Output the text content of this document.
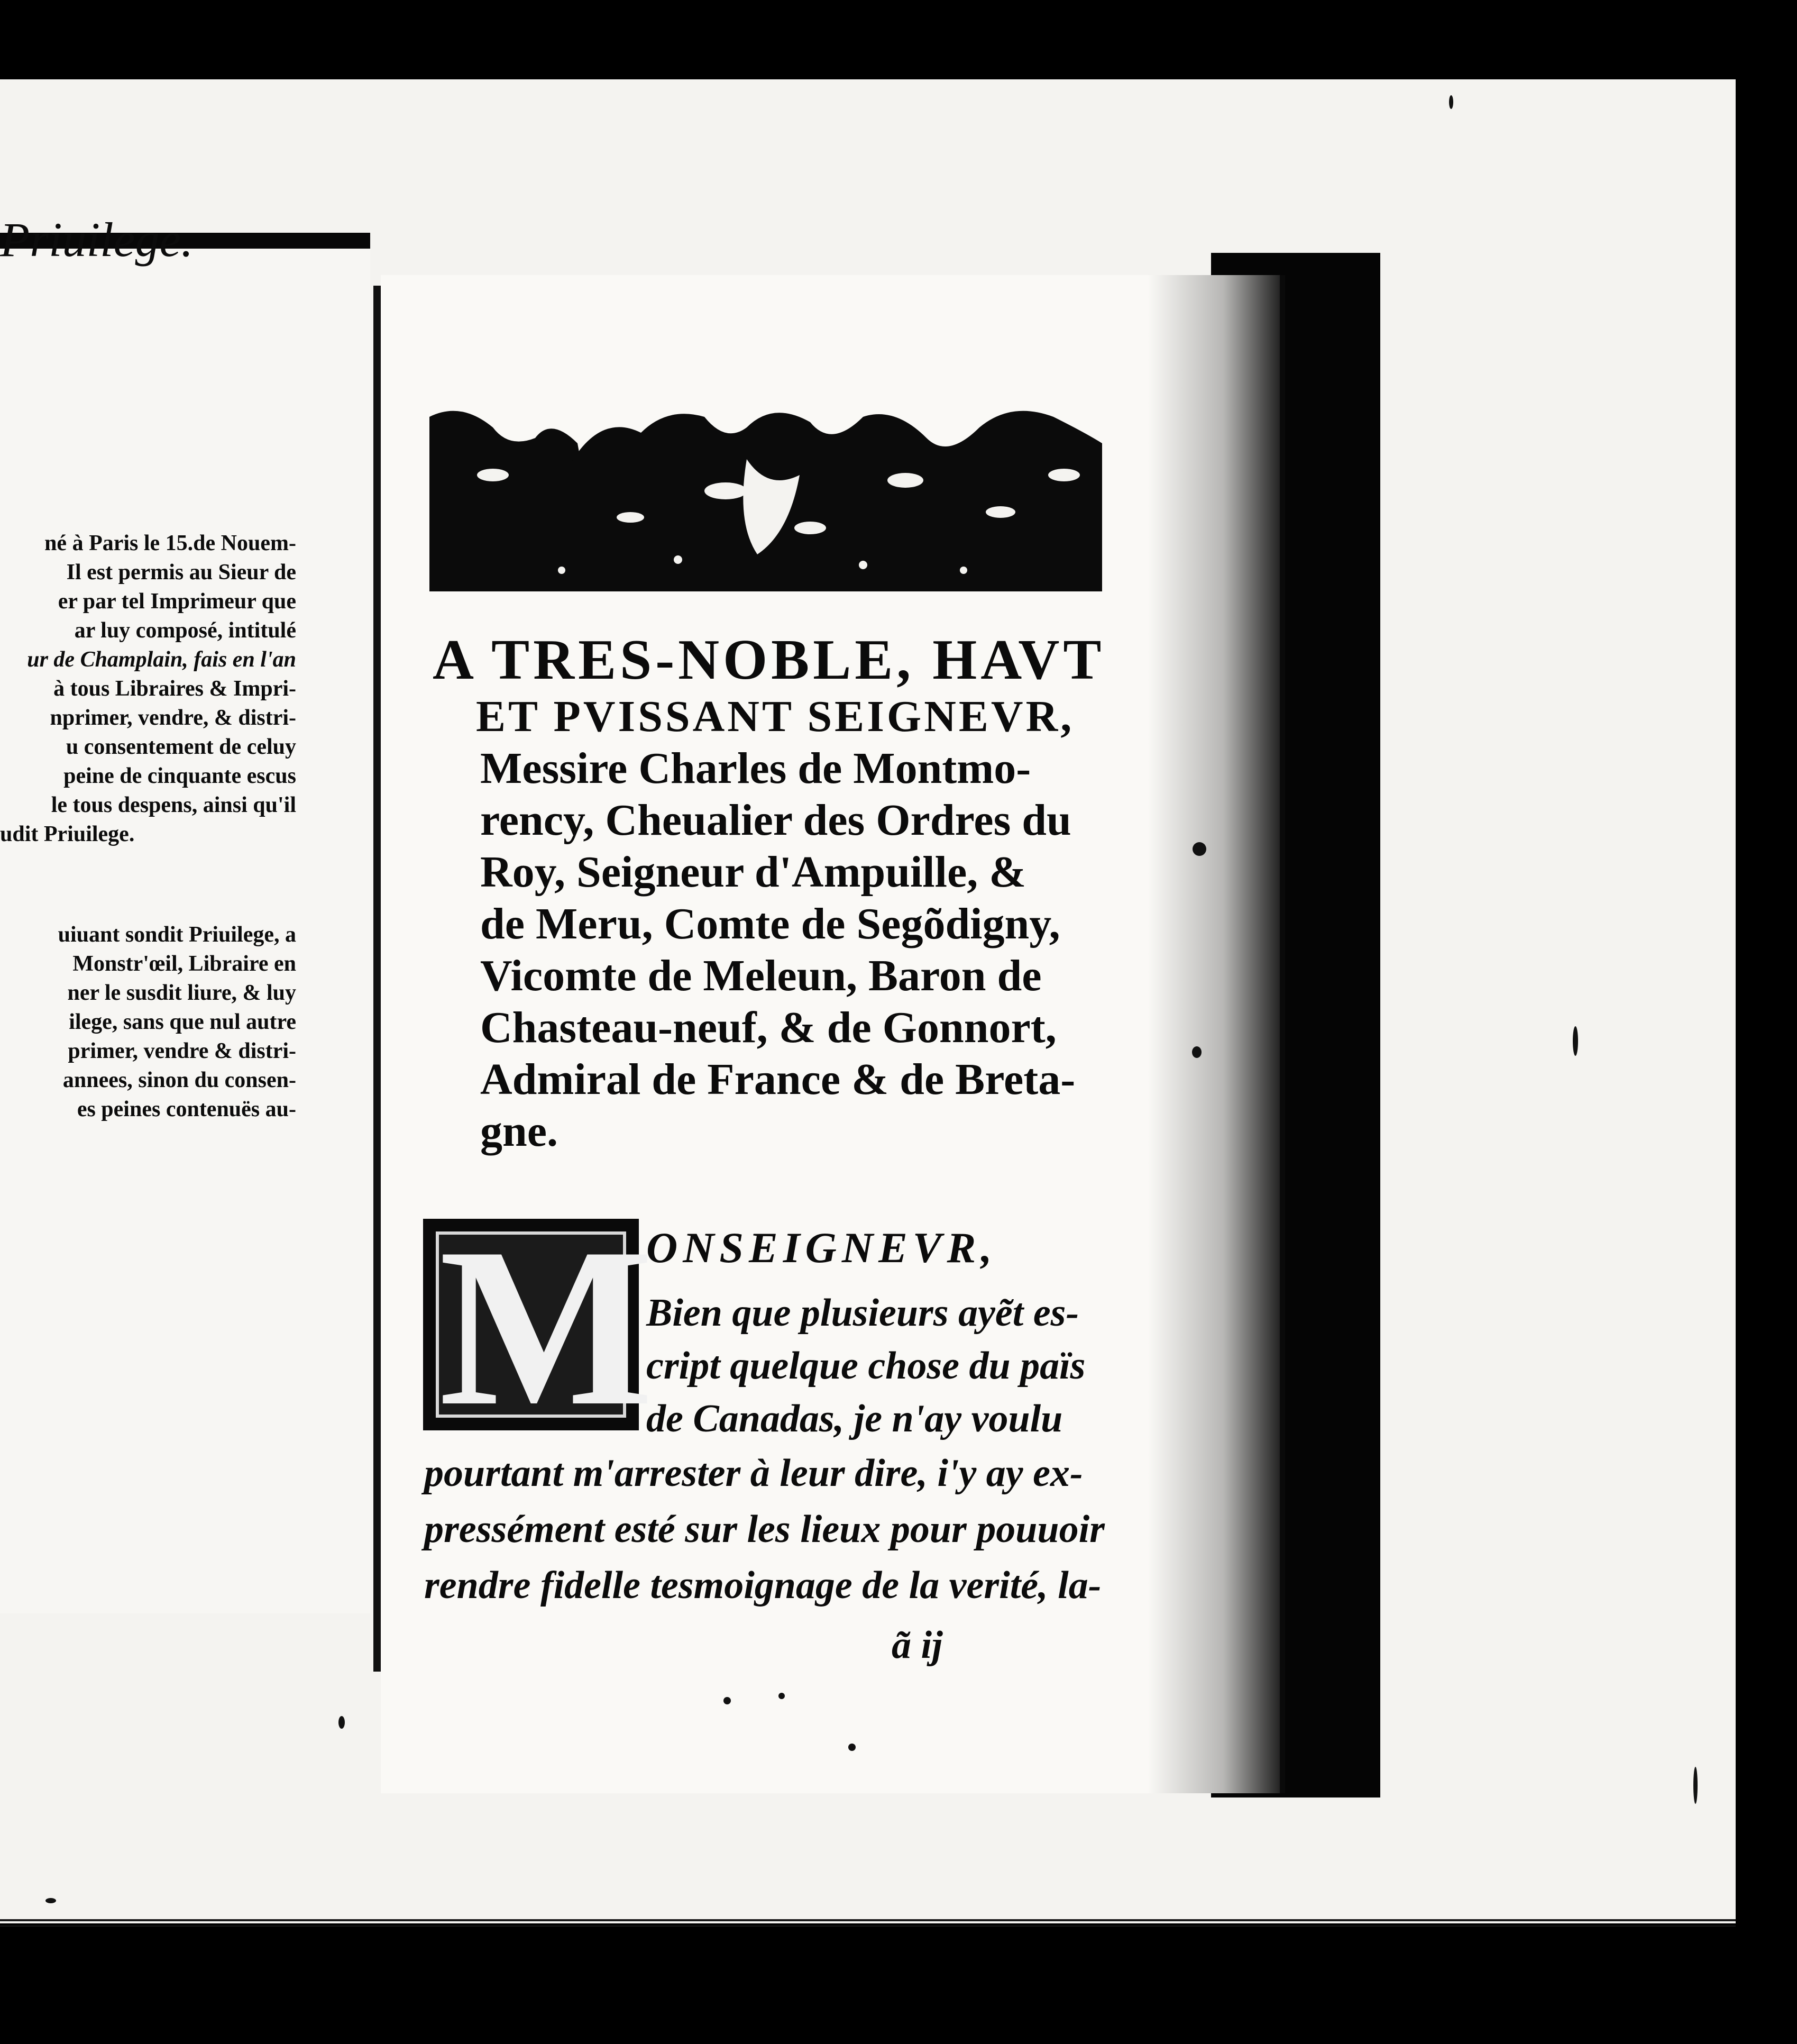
Priuilege.
né à Paris le 15.de Nouem-
Il est permis au Sieur de
er par tel Imprimeur que
ar luy composé, intitulé
ur de Champlain, fais en l'an
à tous Libraires & Impri-
nprimer, vendre, & distri-
u consentement de celuy
peine de cinquante escus
le tous despens, ainsi qu'il
udit Priuilege.
uiuant sondit Priuilege, a
Monstr'œil, Libraire en
ner le susdit liure, & luy
ilege, sans que nul autre
primer, vendre & distri-
annees, sinon du consen-
es peines contenuës au-
A TRES-NOBLE, HAVT
ET PVISSANT SEIGNEVR,
Messire Charles de Montmo-
rency, Cheualier des Ordres du
Roy, Seigneur d'Ampuille, &
de Meru, Comte de Segõdigny,
Vicomte de Meleun, Baron de
Chasteau-neuf, & de Gonnort,
Admiral de France & de Breta-
gne.
M
ONSEIGNEVR,
Bien que plusieurs ayẽt es-
cript quelque chose du païs
de Canadas, je n'ay voulu
pourtant m'arrester à leur dire, i'y ay ex-
pressément esté sur les lieux pour pouuoir
rendre fidelle tesmoignage de la verité, la-
ã ij
